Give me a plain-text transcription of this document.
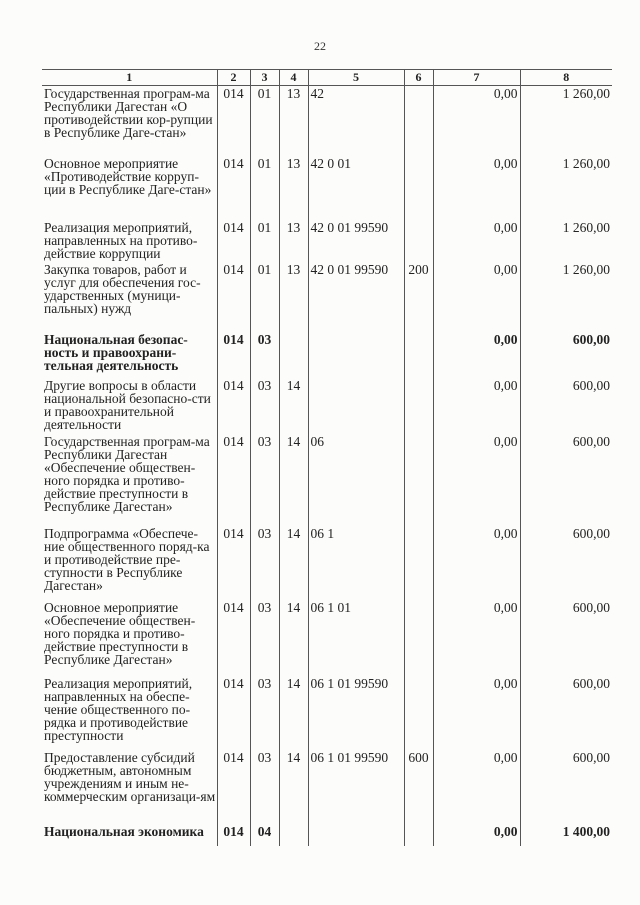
22
1	2	3	4	5	6	7	8
Государственная програм-ма Республики Дагестан «О противодействии кор-рупции в Республике Даге-стан»	014	01	13	42		0,00	1 260,00
Основное мероприятие «Противодействие корруп-ции в Республике Даге-стан»	014	01	13	42 0 01		0,00	1 260,00
Реализация мероприятий, направленных на противо-действие коррупции	014	01	13	42 0 01 99590		0,00	1 260,00
Закупка товаров, работ и услуг для обеспечения гос-ударственных (муници-пальных) нужд	014	01	13	42 0 01 99590	200	0,00	1 260,00
Национальная безопас-ность и правоохрани-тельная деятельность	014	03				0,00	600,00
Другие вопросы в области национальной безопасно-сти и правоохранительной деятельности	014	03	14			0,00	600,00
Государственная програм-ма Республики Дагестан «Обеспечение обществен-ного порядка и противо-действие преступности в Республике Дагестан»	014	03	14	06		0,00	600,00
Подпрограмма «Обеспече-ние общественного поряд-ка и противодействие пре-ступности в Республике Дагестан»	014	03	14	06 1		0,00	600,00
Основное мероприятие «Обеспечение обществен-ного порядка и противо-действие преступности в Республике Дагестан»	014	03	14	06 1 01		0,00	600,00
Реализация мероприятий, направленных на обеспе-чение общественного по-рядка и противодействие преступности	014	03	14	06 1 01 99590		0,00	600,00
Предоставление субсидий бюджетным, автономным учреждениям и иным не-коммерческим организаци-ям	014	03	14	06 1 01 99590	600	0,00	600,00
Национальная экономика	014	04				0,00	1 400,00
